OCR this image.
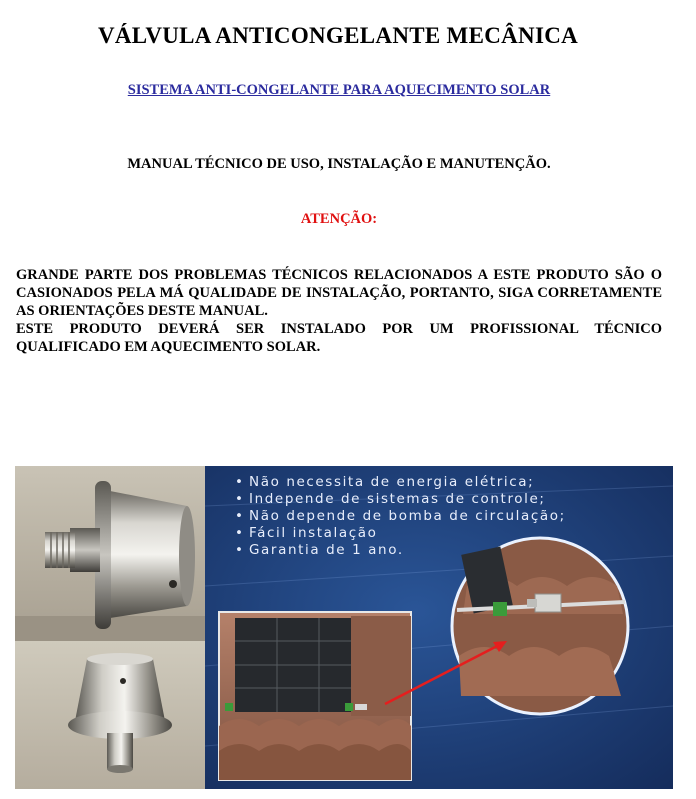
VÁLVULA ANTICONGELANTE MECÂNICA
SISTEMA ANTI-CONGELANTE PARA AQUECIMENTO SOLAR
MANUAL TÉCNICO DE USO, INSTALAÇÃO E MANUTENÇÃO.
ATENÇÃO:

GRANDE PARTE DOS PROBLEMAS TÉCNICOS RELACIONADOS A ESTE PRODUTO SÃO O CASIONADOS PELA MÁ QUALIDADE DE INSTALAÇÃO, PORTANTO, SIGA CORRETAMENTE AS ORIENTAÇÕES DESTE MANUAL.

ESTE PRODUTO DEVERÁ SER INSTALADO POR UM PROFISSIONAL TÉCNICO QUALIFICADO EM AQUECIMENTO SOLAR.

• Não necessita de energia elétrica;
• Independe de sistemas de controle;
• Não depende de bomba de circulação;
• Fácil instalação
• Garantia de 1 ano.
